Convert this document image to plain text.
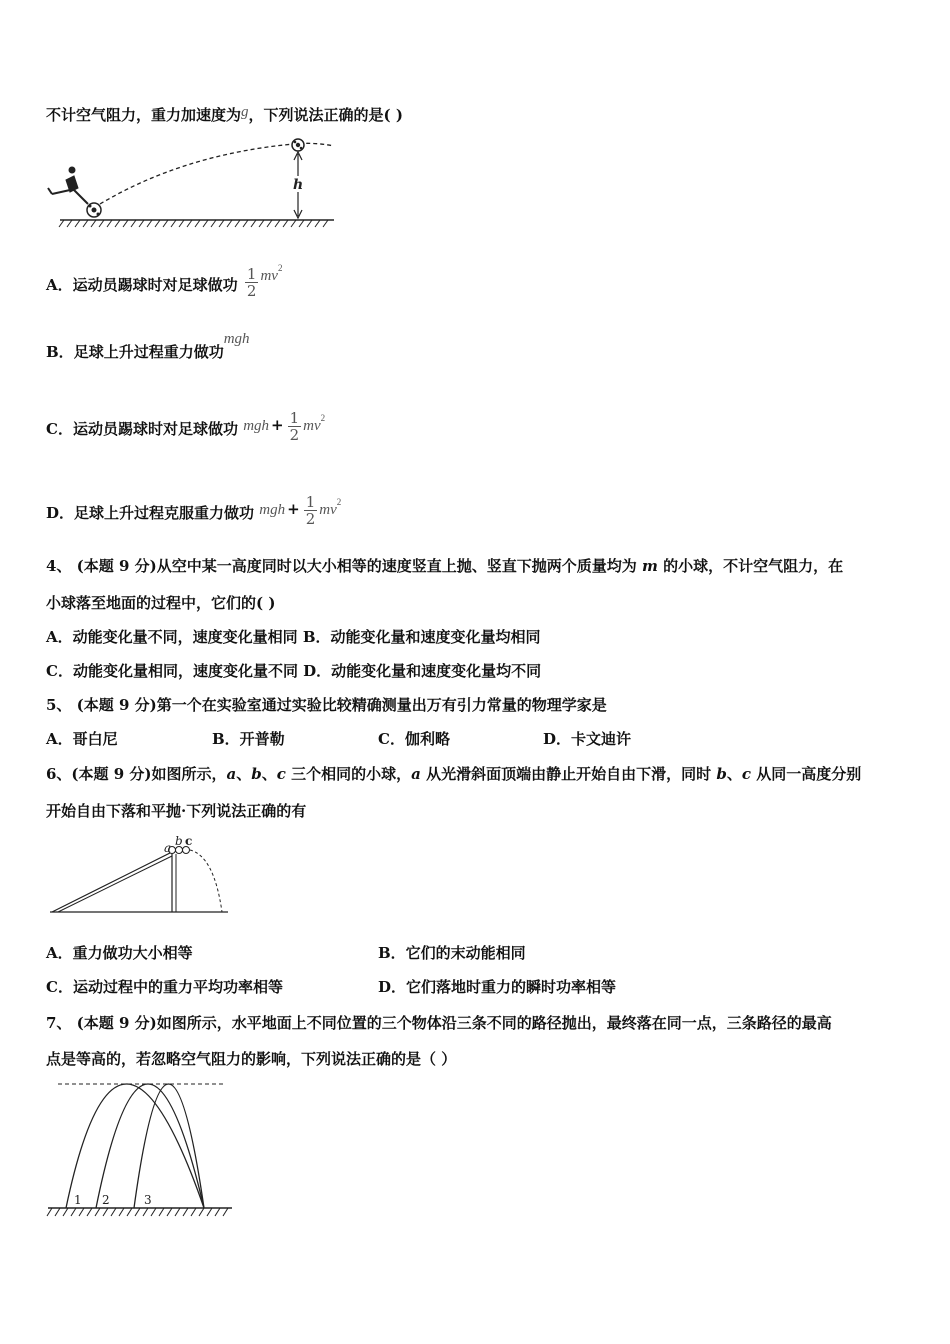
不计空气阻力，重力加速度为g，下列说法正确的是( )
h
A．运动员踢球时对足球做功 $\frac{1}{2} mv^2$
B．足球上升过程重力做功mgh
C．运动员踢球时对足球做功 mgh + $\frac{1}{2} mv^2$
D．足球上升过程克服重力做功 mgh + $\frac{1}{2} mv^2$
4、 (本题 9 分)从空中某一高度同时以大小相等的速度竖直上抛、竖直下抛两个质量均为 m 的小球，不计空气阻力，在
小球落至地面的过程中，它们的( )
A．动能变化量不同，速度变化量相同 B．动能变化量和速度变化量均相同
C．动能变化量相同，速度变化量不同 D．动能变化量和速度变化量均不同
5、 (本题 9 分)第一个在实验室通过实验比较精确测量出万有引力常量的物理学家是
A．哥白尼	B．开普勒	C．伽利略	D．卡文迪许
6、(本题 9 分)如图所示，a、b、c 三个相同的小球，a 从光滑斜面顶端由静止开始自由下滑，同时 b、c 从同一高度分别
开始自由下落和平抛·下列说法正确的有
a b c
A．重力做功大小相等	B．它们的末动能相同
C．运动过程中的重力平均功率相等	D．它们落地时重力的瞬时功率相等
7、 (本题 9 分)如图所示，水平地面上不同位置的三个物体沿三条不同的路径抛出，最终落在同一点，三条路径的最高
点是等高的，若忽略空气阻力的影响，下列说法正确的是（ ）
1 2	3
